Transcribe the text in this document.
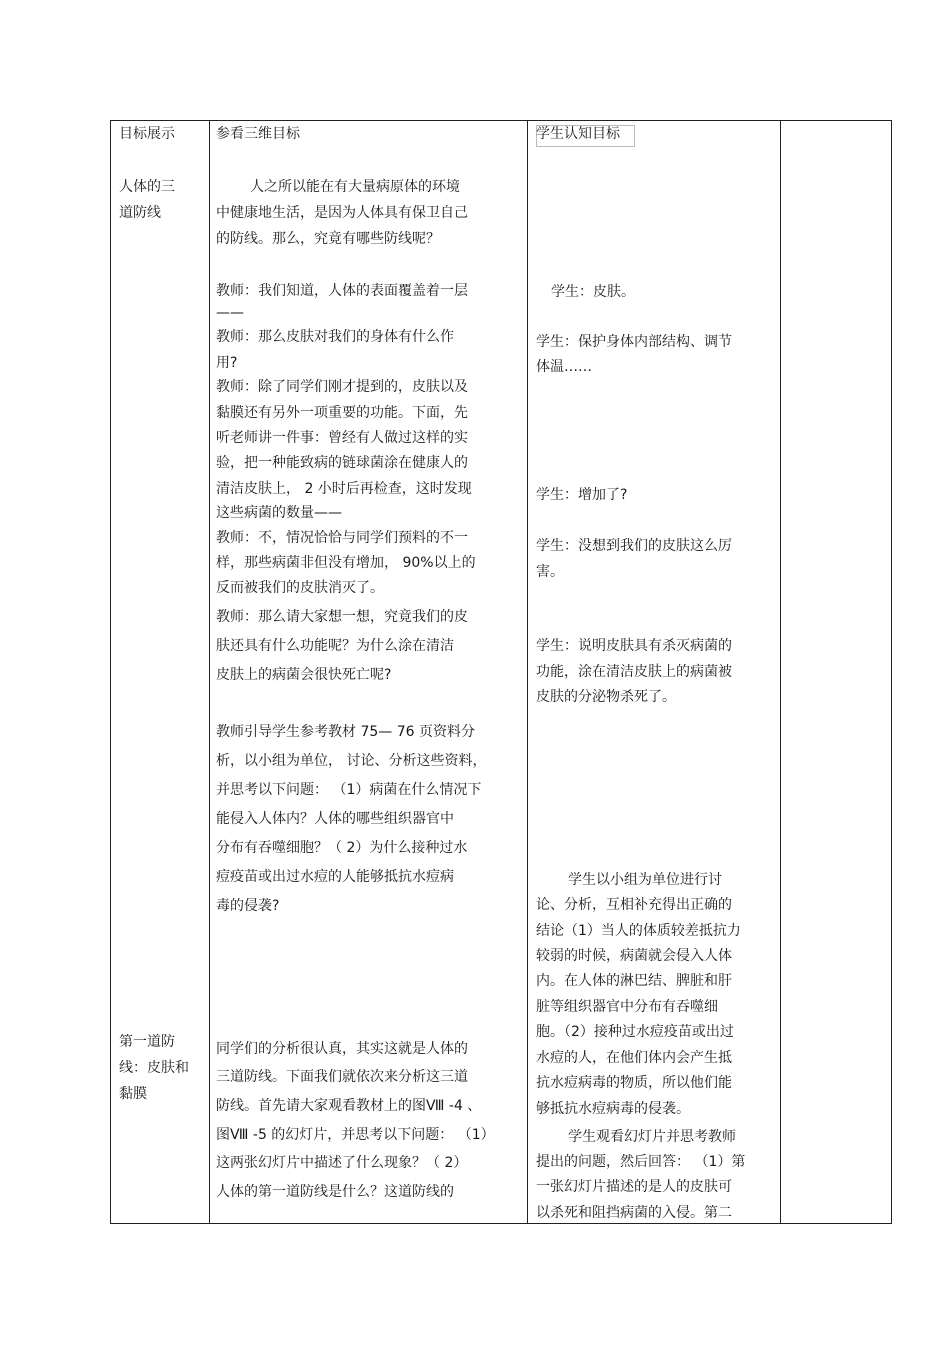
目标展示
人体的三
道防线
第一道防
线：皮肤和
黏膜
参看三维目标
人之所以能在有大量病原体的环境
中健康地生活，是因为人体具有保卫自己
的防线。那么，究竟有哪些防线呢？
教师：我们知道，人体的表面覆盖着一层
——
教师：那么皮肤对我们的身体有什么作
用?
教师：除了同学们刚才提到的，皮肤以及
黏膜还有另外一项重要的功能。下面，先
听老师讲一件事：曾经有人做过这样的实
验，把一种能致病的链球菌涂在健康人的
清洁皮肤上， 2 小时后再检查，这时发现
这些病菌的数量——
教师：不，情况恰恰与同学们预料的不一
样，那些病菌非但没有增加， 90%以上的
反而被我们的皮肤消灭了。
教师：那么请大家想一想，究竟我们的皮
肤还具有什么功能呢？为什么涂在清洁
皮肤上的病菌会很快死亡呢?
教师引导学生参考教材 75— 76 页资料分
析，以小组为单位， 讨论、分析这些资料，
并思考以下问题： （1）病菌在什么情况下
能侵入人体内？人体的哪些组织器官中
分布有吞噬细胞？（ 2）为什么接种过水
痘疫苗或出过水痘的人能够抵抗水痘病
毒的侵袭?
同学们的分析很认真，其实这就是人体的
三道防线。下面我们就依次来分析这三道
防线。首先请大家观看教材上的图Ⅷ -4 、
图Ⅷ -5 的幻灯片，并思考以下问题： （1）
这两张幻灯片中描述了什么现象？（ 2）
人体的第一道防线是什么？这道防线的
学生认知目标
学生：皮肤。
学生：保护身体内部结构、调节
体温……
学生：增加了?
学生：没想到我们的皮肤这么厉
害。
学生：说明皮肤具有杀灭病菌的
功能，涂在清洁皮肤上的病菌被
皮肤的分泌物杀死了。
学生以小组为单位进行讨
论、分析，互相补充得出正确的
结论（1）当人的体质较差抵抗力
较弱的时候，病菌就会侵入人体
内。在人体的淋巴结、脾脏和肝
脏等组织器官中分布有吞噬细
胞。（2）接种过水痘疫苗或出过
水痘的人，在他们体内会产生抵
抗水痘病毒的物质，所以他们能
够抵抗水痘病毒的侵袭。
学生观看幻灯片并思考教师
提出的问题，然后回答： （1）第
一张幻灯片描述的是人的皮肤可
以杀死和阻挡病菌的入侵。第二
